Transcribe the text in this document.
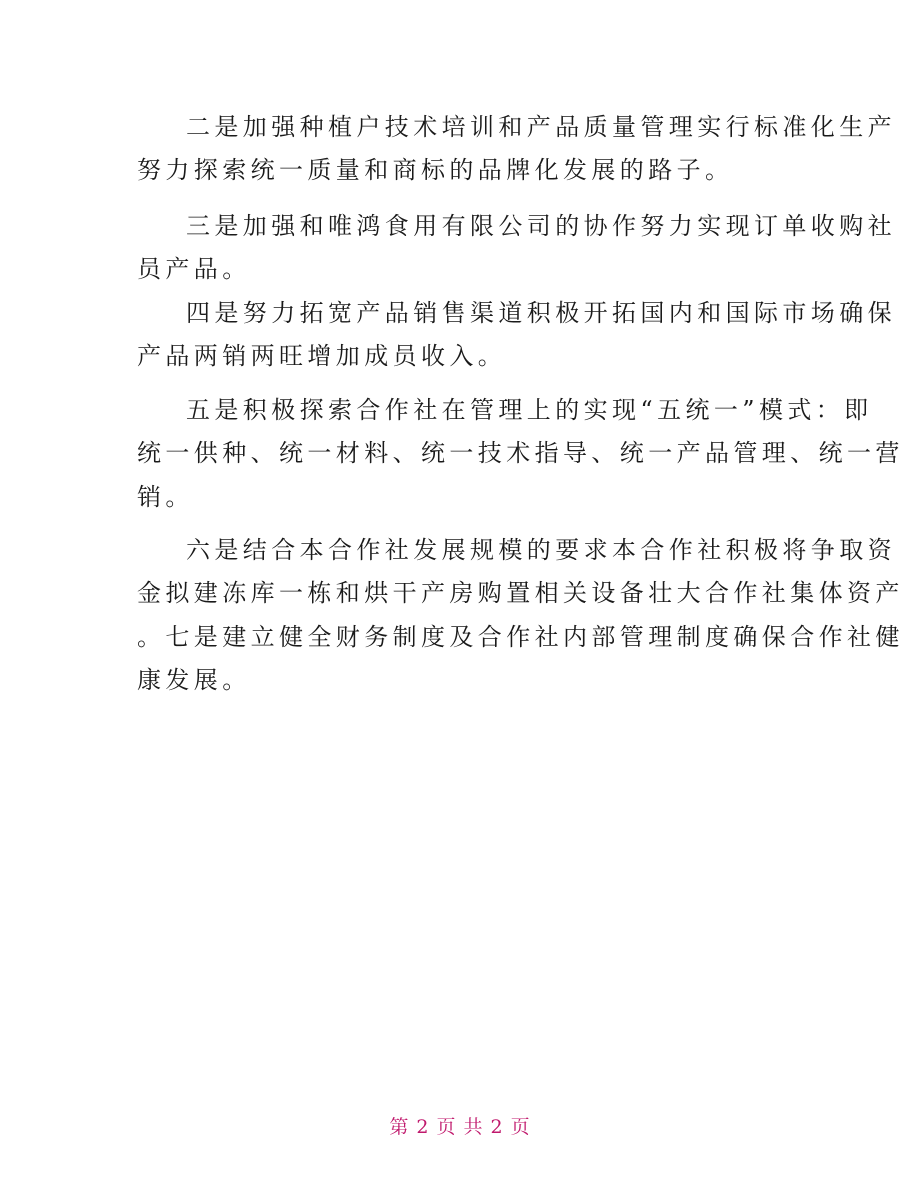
二是加强种植户技术培训和产品质量管理实行标准化生产
努力探索统一质量和商标的品牌化发展的路子。
三是加强和唯鸿食用有限公司的协作努力实现订单收购社
员产品。
四是努力拓宽产品销售渠道积极开拓国内和国际市场确保
产品两销两旺增加成员收入。
五是积极探索合作社在管理上的实现“五统一”模式：即
统一供种、统一材料、统一技术指导、统一产品管理、统一营
销。
六是结合本合作社发展规模的要求本合作社积极将争取资
金拟建冻库一栋和烘干产房购置相关设备壮大合作社集体资产
。七是建立健全财务制度及合作社内部管理制度确保合作社健
康发展。
第 2 页 共 2 页
